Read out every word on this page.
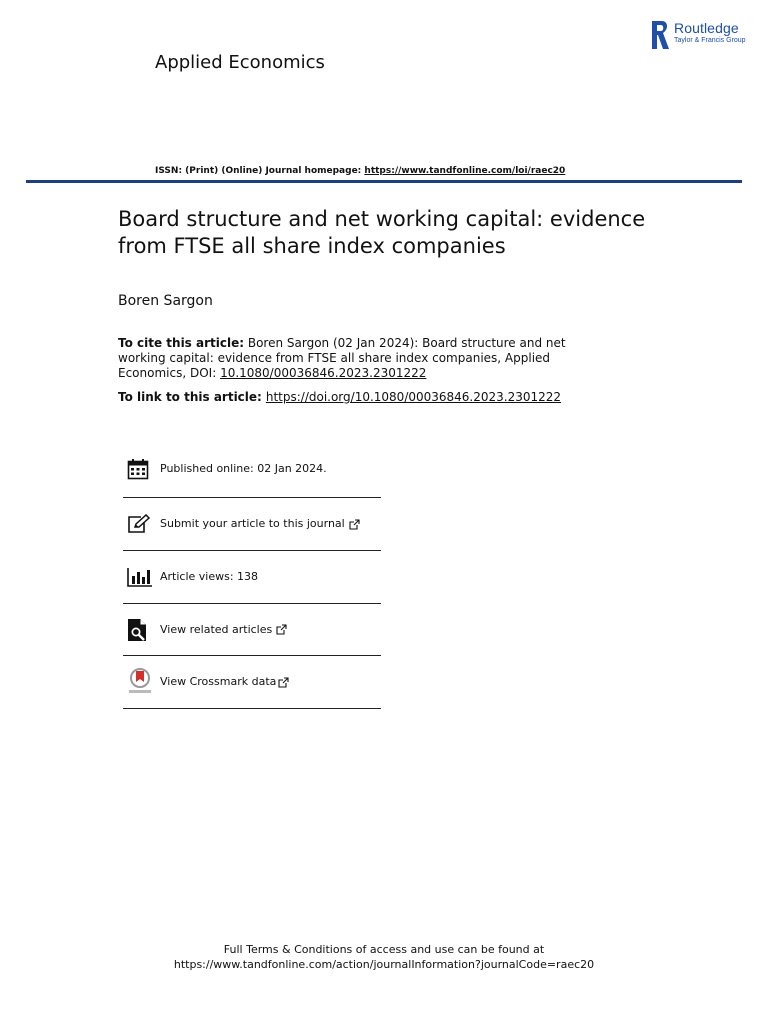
Routledge
Taylor & Francis Group
Applied Economics
ISSN: (Print) (Online) Journal homepage: https://www.tandfonline.com/loi/raec20
Board structure and net working capital: evidence from FTSE all share index companies
Boren Sargon
To cite this article: Boren Sargon (02 Jan 2024): Board structure and net working capital: evidence from FTSE all share index companies, Applied Economics, DOI: 10.1080/00036846.2023.2301222
To link to this article: https://doi.org/10.1080/00036846.2023.2301222
Published online: 02 Jan 2024.
Submit your article to this journal
Article views: 138
View related articles
View Crossmark data
Full Terms & Conditions of access and use can be found at
https://www.tandfonline.com/action/journalInformation?journalCode=raec20
